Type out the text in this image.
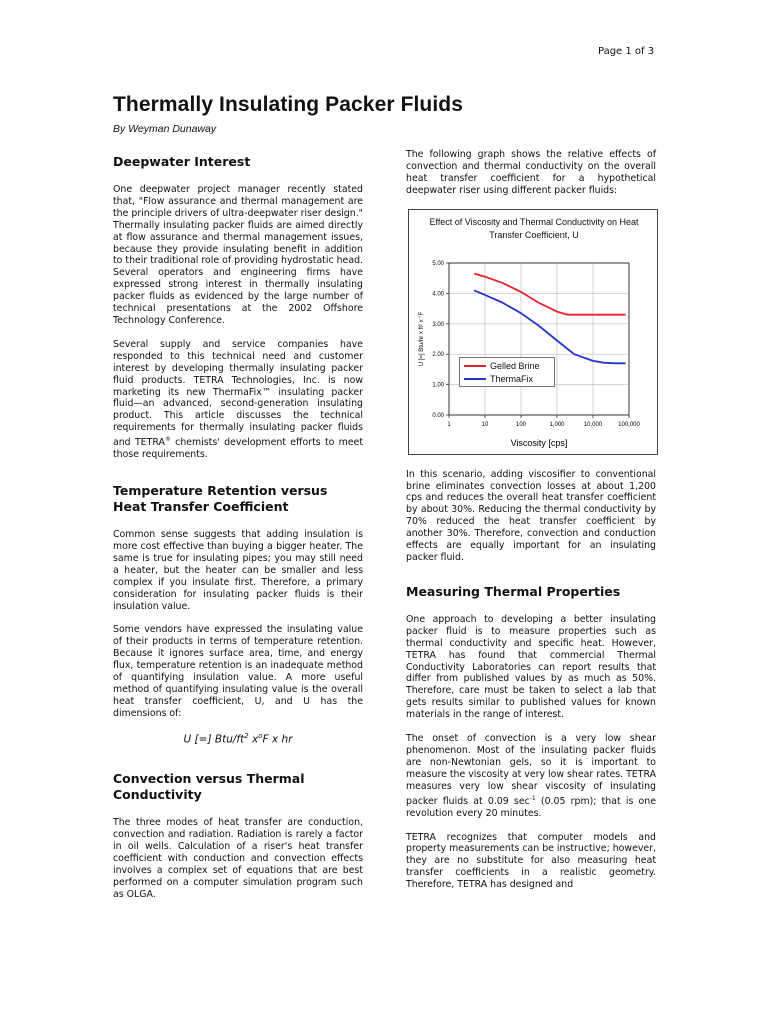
Page 1 of 3
Thermally Insulating Packer Fluids
By Weyman Dunaway
Deepwater Interest

One deepwater project manager recently stated that, "Flow assurance and thermal management are the principle drivers of ultra-deepwater riser design." Thermally insulating packer fluids are aimed directly at flow assurance and thermal management issues, because they provide insulating benefit in addition to their traditional role of providing hydrostatic head. Several operators and engineering firms have expressed strong interest in thermally insulating packer fluids as evidenced by the large number of technical presentations at the 2002 Offshore Technology Conference.

Several supply and service companies have responded to this technical need and customer interest by developing thermally insulating packer fluid products. TETRA Technologies, Inc. is now marketing its new ThermaFix™ insulating packer fluid—an advanced, second-generation insulating product. This article discusses the technical requirements for thermally insulating packer fluids and TETRA® chemists' development efforts to meet those requirements.

Temperature Retention versus Heat Transfer Coefficient

Common sense suggests that adding insulation is more cost effective than buying a bigger heater. The same is true for insulating pipes; you may still need a heater, but the heater can be smaller and less complex if you insulate first. Therefore, a primary consideration for insulating packer fluids is their insulation value.

Some vendors have expressed the insulating value of their products in terms of temperature retention. Because it ignores surface area, time, and energy flux, temperature retention is an inadequate method of quantifying insulation value. A more useful method of quantifying insulating value is the overall heat transfer coefficient, U, and U has the dimensions of:

U [=] Btu/$ft^2$ $x^oF$ x hr
Convection versus Thermal Conductivity

The three modes of heat transfer are conduction, convection and radiation. Radiation is rarely a factor in oil wells. Calculation of a riser's heat transfer coefficient with conduction and convection effects involves a complex set of equations that are best performed on a computer simulation program such as OLGA.

The following graph shows the relative effects of convection and thermal conductivity on the overall heat transfer coefficient for a hypothetical deepwater riser using different packer fluids:

Effect of Viscosity and Thermal Conductivity on Heat Transfer Coefficient, U
0.00
1.00
2.00
3.00
4.00
5.00
1	10	100	1,000	10,000	100,000
Viscosity [cps]
U [=] Btu/hr x ft² x °F	Gelled Brine
ThermaFix

In this scenario, adding viscosifier to conventional brine eliminates convection losses at about 1,200 cps and reduces the overall heat transfer coefficient by about 30%. Reducing the thermal conductivity by 70% reduced the heat transfer coefficient by another 30%. Therefore, convection and conduction effects are equally important for an insulating packer fluid.

Measuring Thermal Properties

One approach to developing a better insulating packer fluid is to measure properties such as thermal conductivity and specific heat. However, TETRA has found that commercial Thermal Conductivity Laboratories can report results that differ from published values by as much as 50%. Therefore, care must be taken to select a lab that gets results similar to published values for known materials in the range of interest.

The onset of convection is a very low shear phenomenon. Most of the insulating packer fluids are non-Newtonian gels, so it is important to measure the viscosity at very low shear rates. TETRA measures very low shear viscosity of insulating packer fluids at 0.09 $\sec^{-1} (0.05$ rpm); that is one revolution every 20 minutes.

TETRA recognizes that computer models and property measurements can be instructive; however, they are no substitute for also measuring heat transfer coefficients in a realistic geometry. Therefore, TETRA has designed and
